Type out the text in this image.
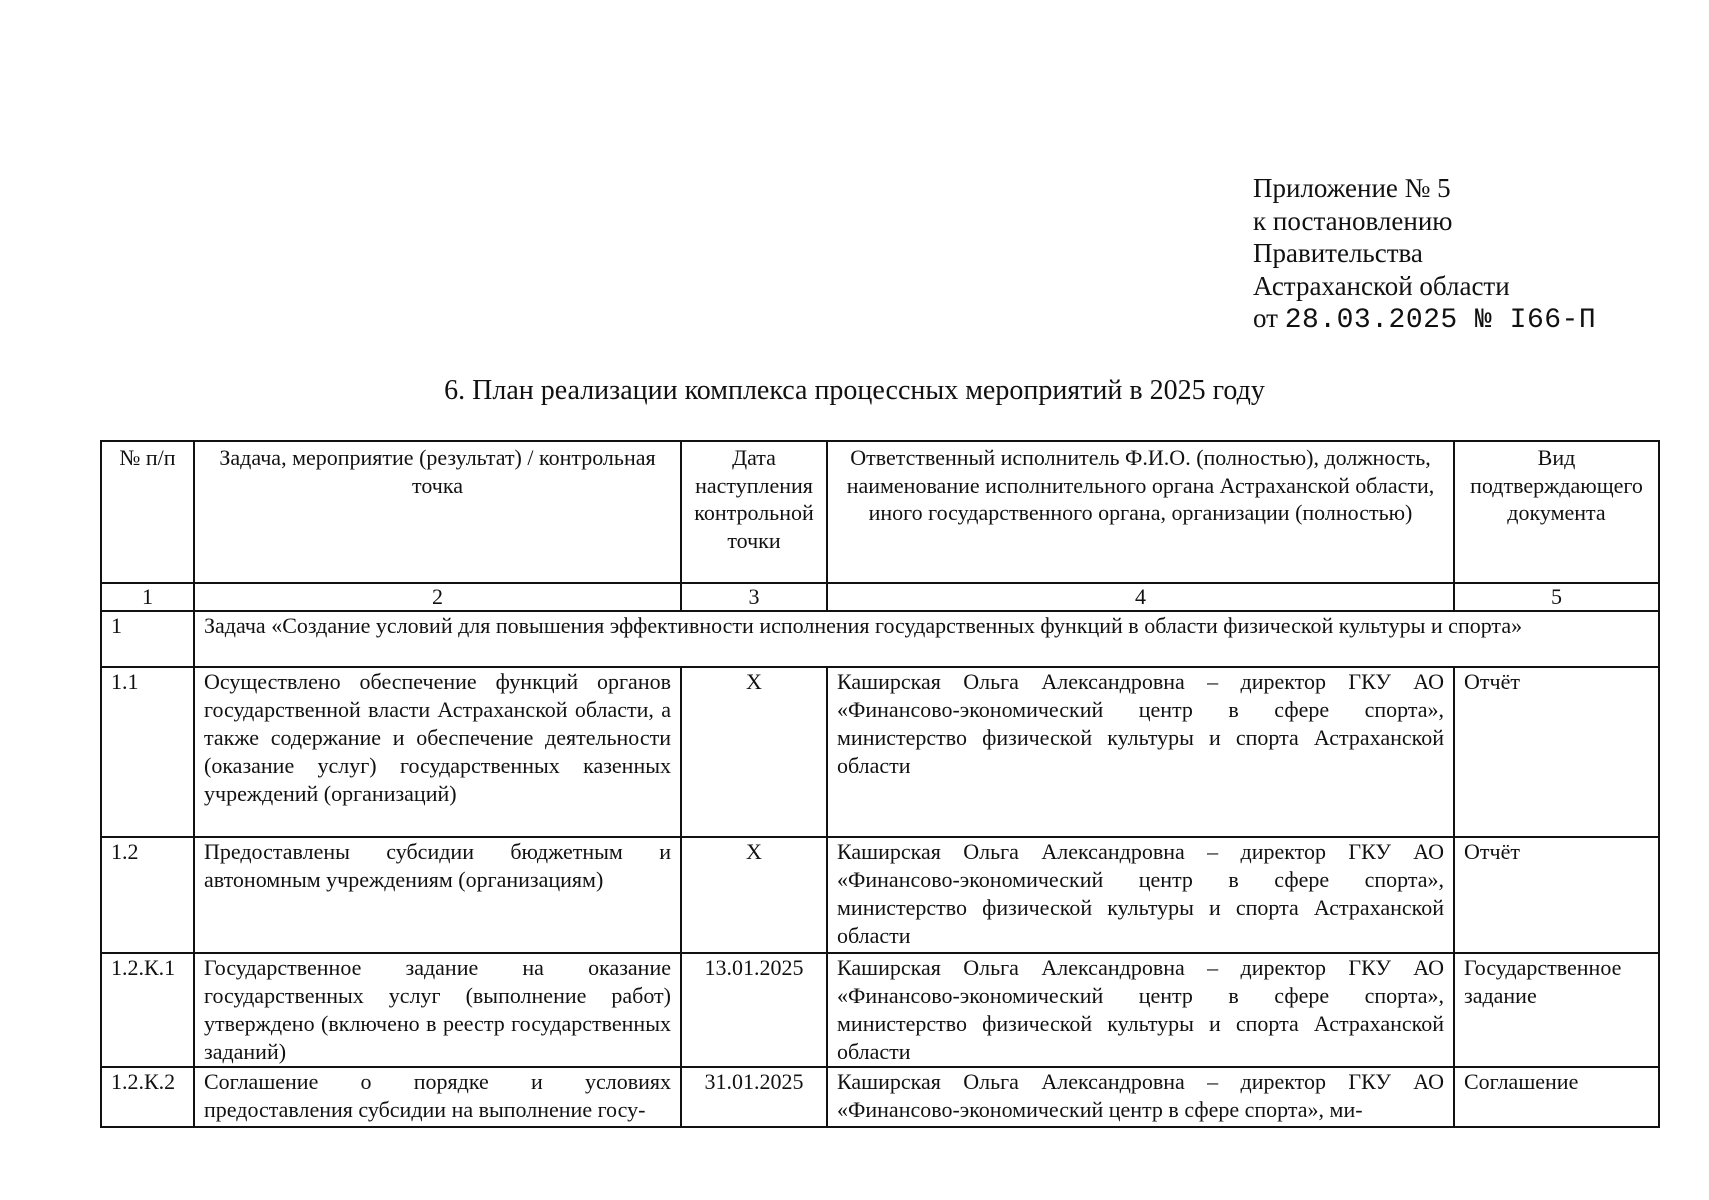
Приложение № 5
к постановлению
Правительства
Астраханской области
от 28.03.2025 № I66-П
6. План реализации комплекса процессных мероприятий в 2025 году
№ п/п	Задача, мероприятие (результат) / контрольная точка	Дата наступления контрольной точки	Ответственный исполнитель Ф.И.О. (полностью), должность, наименование исполнительного органа Астраханской области, иного государственного органа, организации (полностью)	Вид подтверждающего документа
1	2	3	4	5
1	Задача «Создание условий для повышения эффективности исполнения государственных функций в области физической культуры и спорта»			
1.1	Осуществлено обеспечение функций органов государственной власти Астраханской области, а также содержание и обеспечение деятельности (оказание услуг) государственных казенных учреждений (организаций)	Х	Каширская Ольга Александровна – директор ГКУ АО «Финансово-экономический центр в сфере спорта», министерство физической культуры и спорта Астраханской области	Отчёт
1.2	Предоставлены субсидии бюджетным и автономным учреждениям (организациям)	Х	Каширская Ольга Александровна – директор ГКУ АО «Финансово-экономический центр в сфере спорта», министерство физической культуры и спорта Астраханской области	Отчёт
1.2.К.1	Государственное задание на оказание государственных услуг (выполнение работ) утверждено (включено в реестр государственных заданий)	13.01.2025	Каширская Ольга Александровна – директор ГКУ АО «Финансово-экономический центр в сфере спорта», министерство физической культуры и спорта Астраханской области	Государственное задание
1.2.К.2	Соглашение о порядке и условиях предоставления субсидии на выполнение госу-	31.01.2025	Каширская Ольга Александровна – директор ГКУ АО «Финансово-экономический центр в сфере спорта», ми-	Соглашение
